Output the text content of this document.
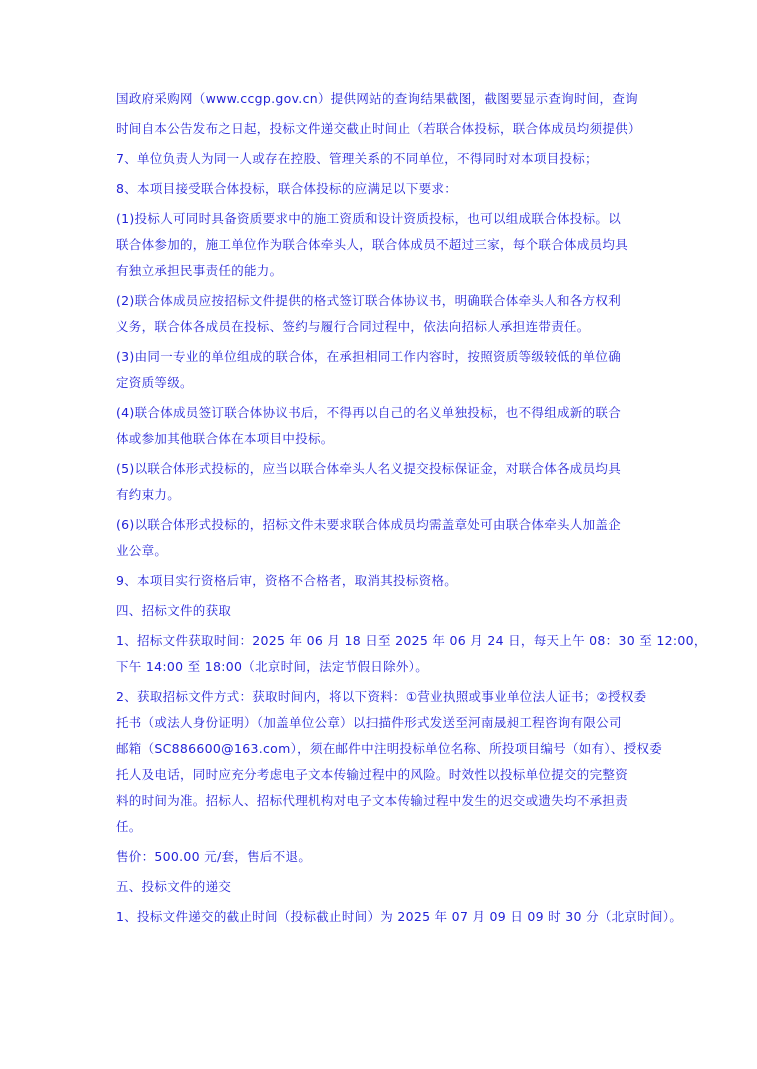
国政府采购网（www.ccgp.gov.cn）提供网站的查询结果截图，截图要显示查询时间，查询

时间自本公告发布之日起，投标文件递交截止时间止（若联合体投标，联合体成员均须提供）

7、单位负责人为同一人或存在控股、管理关系的不同单位，不得同时对本项目投标；

8、本项目接受联合体投标，联合体投标的应满足以下要求：

(1)投标人可同时具备资质要求中的施工资质和设计资质投标，也可以组成联合体投标。以

联合体参加的，施工单位作为联合体牵头人，联合体成员不超过三家，每个联合体成员均具

有独立承担民事责任的能力。

(2)联合体成员应按招标文件提供的格式签订联合体协议书，明确联合体牵头人和各方权利

义务，联合体各成员在投标、签约与履行合同过程中，依法向招标人承担连带责任。

(3)由同一专业的单位组成的联合体，在承担相同工作内容时，按照资质等级较低的单位确

定资质等级。

(4)联合体成员签订联合体协议书后，不得再以自己的名义单独投标，也不得组成新的联合

体或参加其他联合体在本项目中投标。

(5)以联合体形式投标的，应当以联合体牵头人名义提交投标保证金，对联合体各成员均具

有约束力。

(6)以联合体形式投标的，招标文件未要求联合体成员均需盖章处可由联合体牵头人加盖企

业公章。

9、本项目实行资格后审，资格不合格者，取消其投标资格。

四、招标文件的获取

1、招标文件获取时间：2025 年 06 月 18 日至 2025 年 06 月 24 日，每天上午 08：30 至 12:00，

下午 14:00 至 18:00（北京时间，法定节假日除外）。

2、获取招标文件方式：获取时间内，将以下资料：①营业执照或事业单位法人证书；②授权委

托书（或法人身份证明）（加盖单位公章）以扫描件形式发送至河南晟昶工程咨询有限公司

邮箱（SC886600@163.com），须在邮件中注明投标单位名称、所投项目编号（如有）、授权委

托人及电话，同时应充分考虑电子文本传输过程中的风险。时效性以投标单位提交的完整资

料的时间为准。招标人、招标代理机构对电子文本传输过程中发生的迟交或遗失均不承担责

任。

售价：500.00 元/套，售后不退。

五、投标文件的递交

1、投标文件递交的截止时间（投标截止时间）为 2025 年 07 月 09 日 09 时 30 分（北京时间）。
